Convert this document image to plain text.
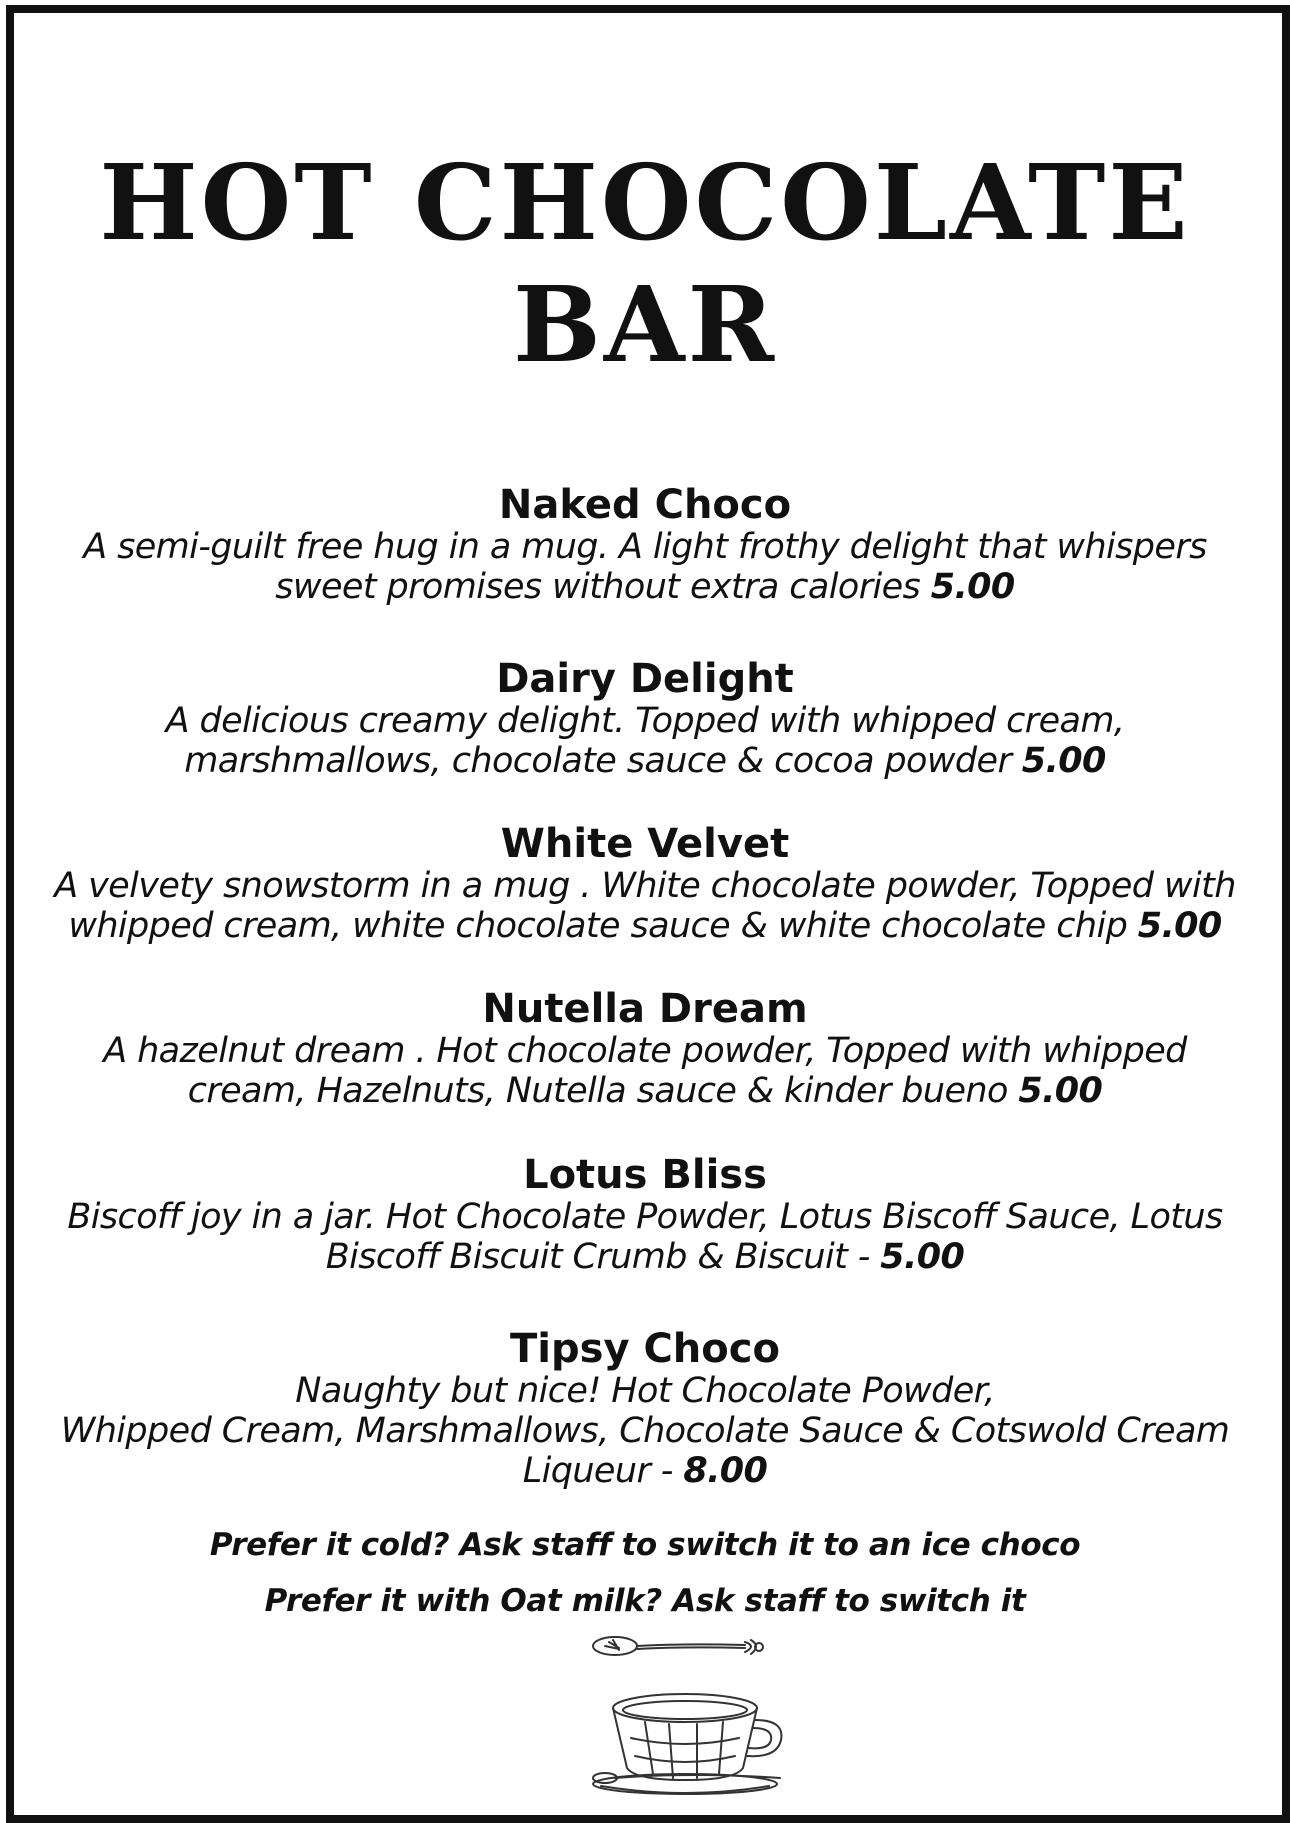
HOT CHOCOLATE
BAR
Naked Choco
A semi-guilt free hug in a mug. A light frothy delight that whispers
sweet promises without extra calories 5.00
Dairy Delight
A delicious creamy delight. Topped with whipped cream,
marshmallows, chocolate sauce & cocoa powder 5.00
White Velvet
A velvety snowstorm in a mug . White chocolate powder, Topped with
whipped cream, white chocolate sauce & white chocolate chip 5.00
Nutella Dream
A hazelnut dream . Hot chocolate powder, Topped with whipped
cream, Hazelnuts, Nutella sauce & kinder bueno 5.00
Lotus Bliss
Biscoff joy in a jar. Hot Chocolate Powder, Lotus Biscoff Sauce, Lotus
Biscoff Biscuit Crumb & Biscuit - 5.00
Tipsy Choco
Naughty but nice! Hot Chocolate Powder,
Whipped Cream, Marshmallows, Chocolate Sauce & Cotswold Cream
Liqueur - 8.00
Prefer it cold? Ask staff to switch it to an ice choco
Prefer it with Oat milk? Ask staff to switch it
